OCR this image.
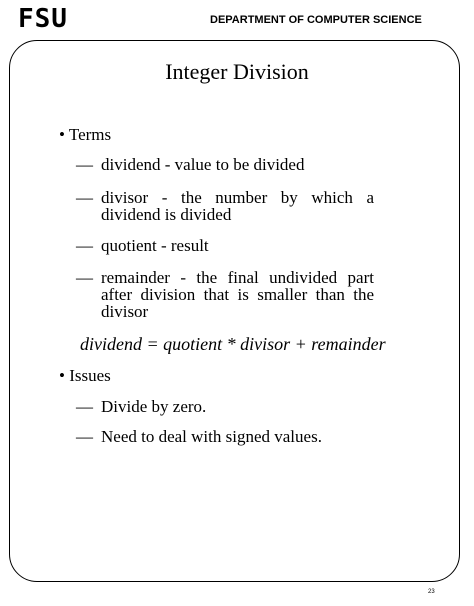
FSU	DEPARTMENT OF COMPUTER SCIENCE
Integer Division
• Terms
— dividend - value to be divided
— divisor - the number by which a dividend is divided
— quotient - result
— remainder - the final undivided part after division that is smaller than the divisor
dividend = quotient * divisor + remainder
• Issues
— Divide by zero.
— Need to deal with signed values.
23
